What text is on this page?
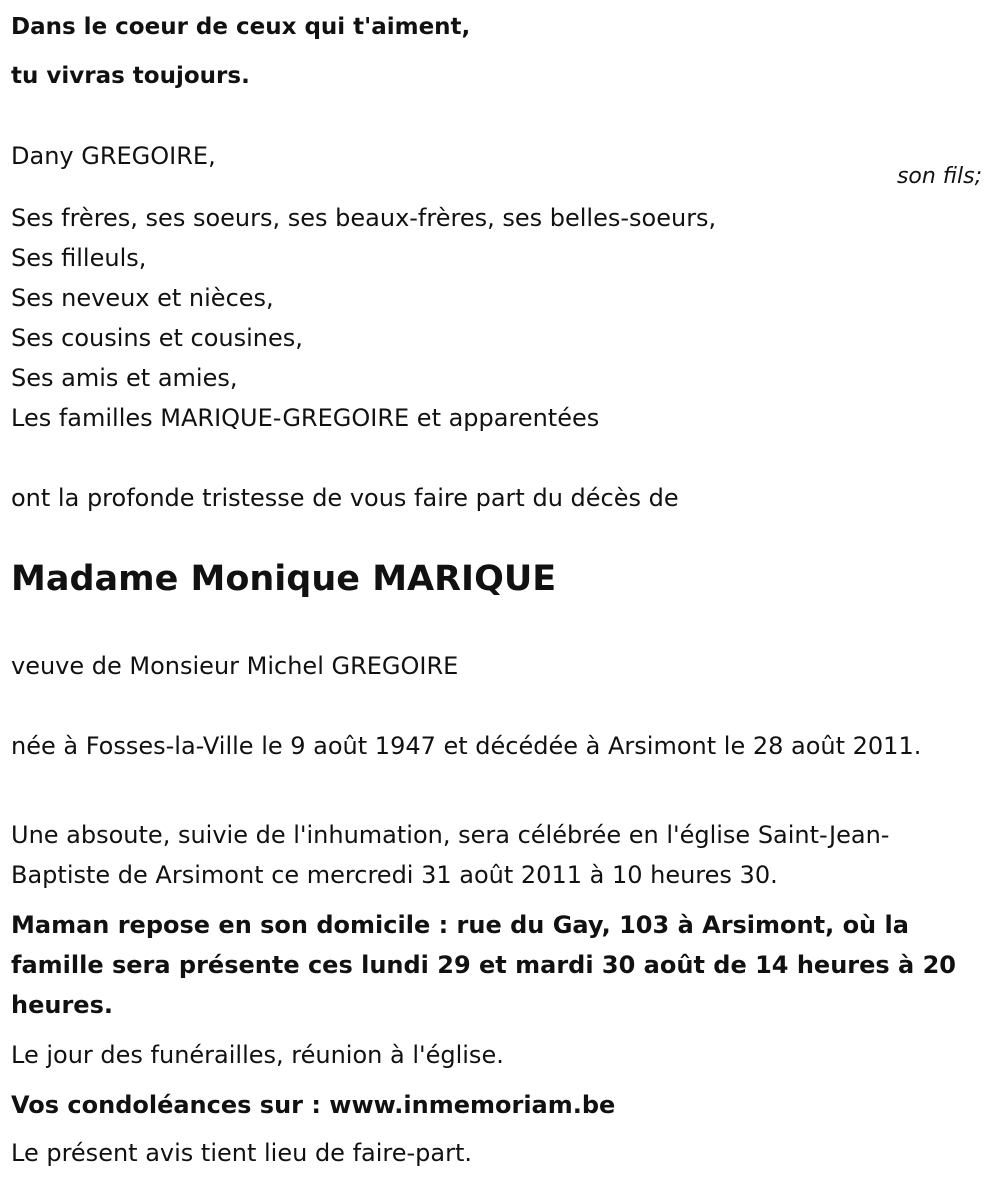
Dans le coeur de ceux qui t'aiment,
tu vivras toujours.
Dany GREGOIRE,
son fils;
Ses frères, ses soeurs, ses beaux-frères, ses belles-soeurs,
Ses filleuls,
Ses neveux et nièces,
Ses cousins et cousines,
Ses amis et amies,
Les familles MARIQUE-GREGOIRE et apparentées
ont la profonde tristesse de vous faire part du décès de
Madame Monique MARIQUE
veuve de Monsieur Michel GREGOIRE
née à Fosses-la-Ville le 9 août 1947 et décédée à Arsimont le 28 août 2011.
Une absoute, suivie de l'inhumation, sera célébrée en l'église Saint-Jean-Baptiste de Arsimont ce mercredi 31 août 2011 à 10 heures 30.
Maman repose en son domicile : rue du Gay, 103 à Arsimont, où la famille sera présente ces lundi 29 et mardi 30 août de 14 heures à 20 heures.
Le jour des funérailles, réunion à l'église.
Vos condoléances sur : www.inmemoriam.be
Le présent avis tient lieu de faire-part.
